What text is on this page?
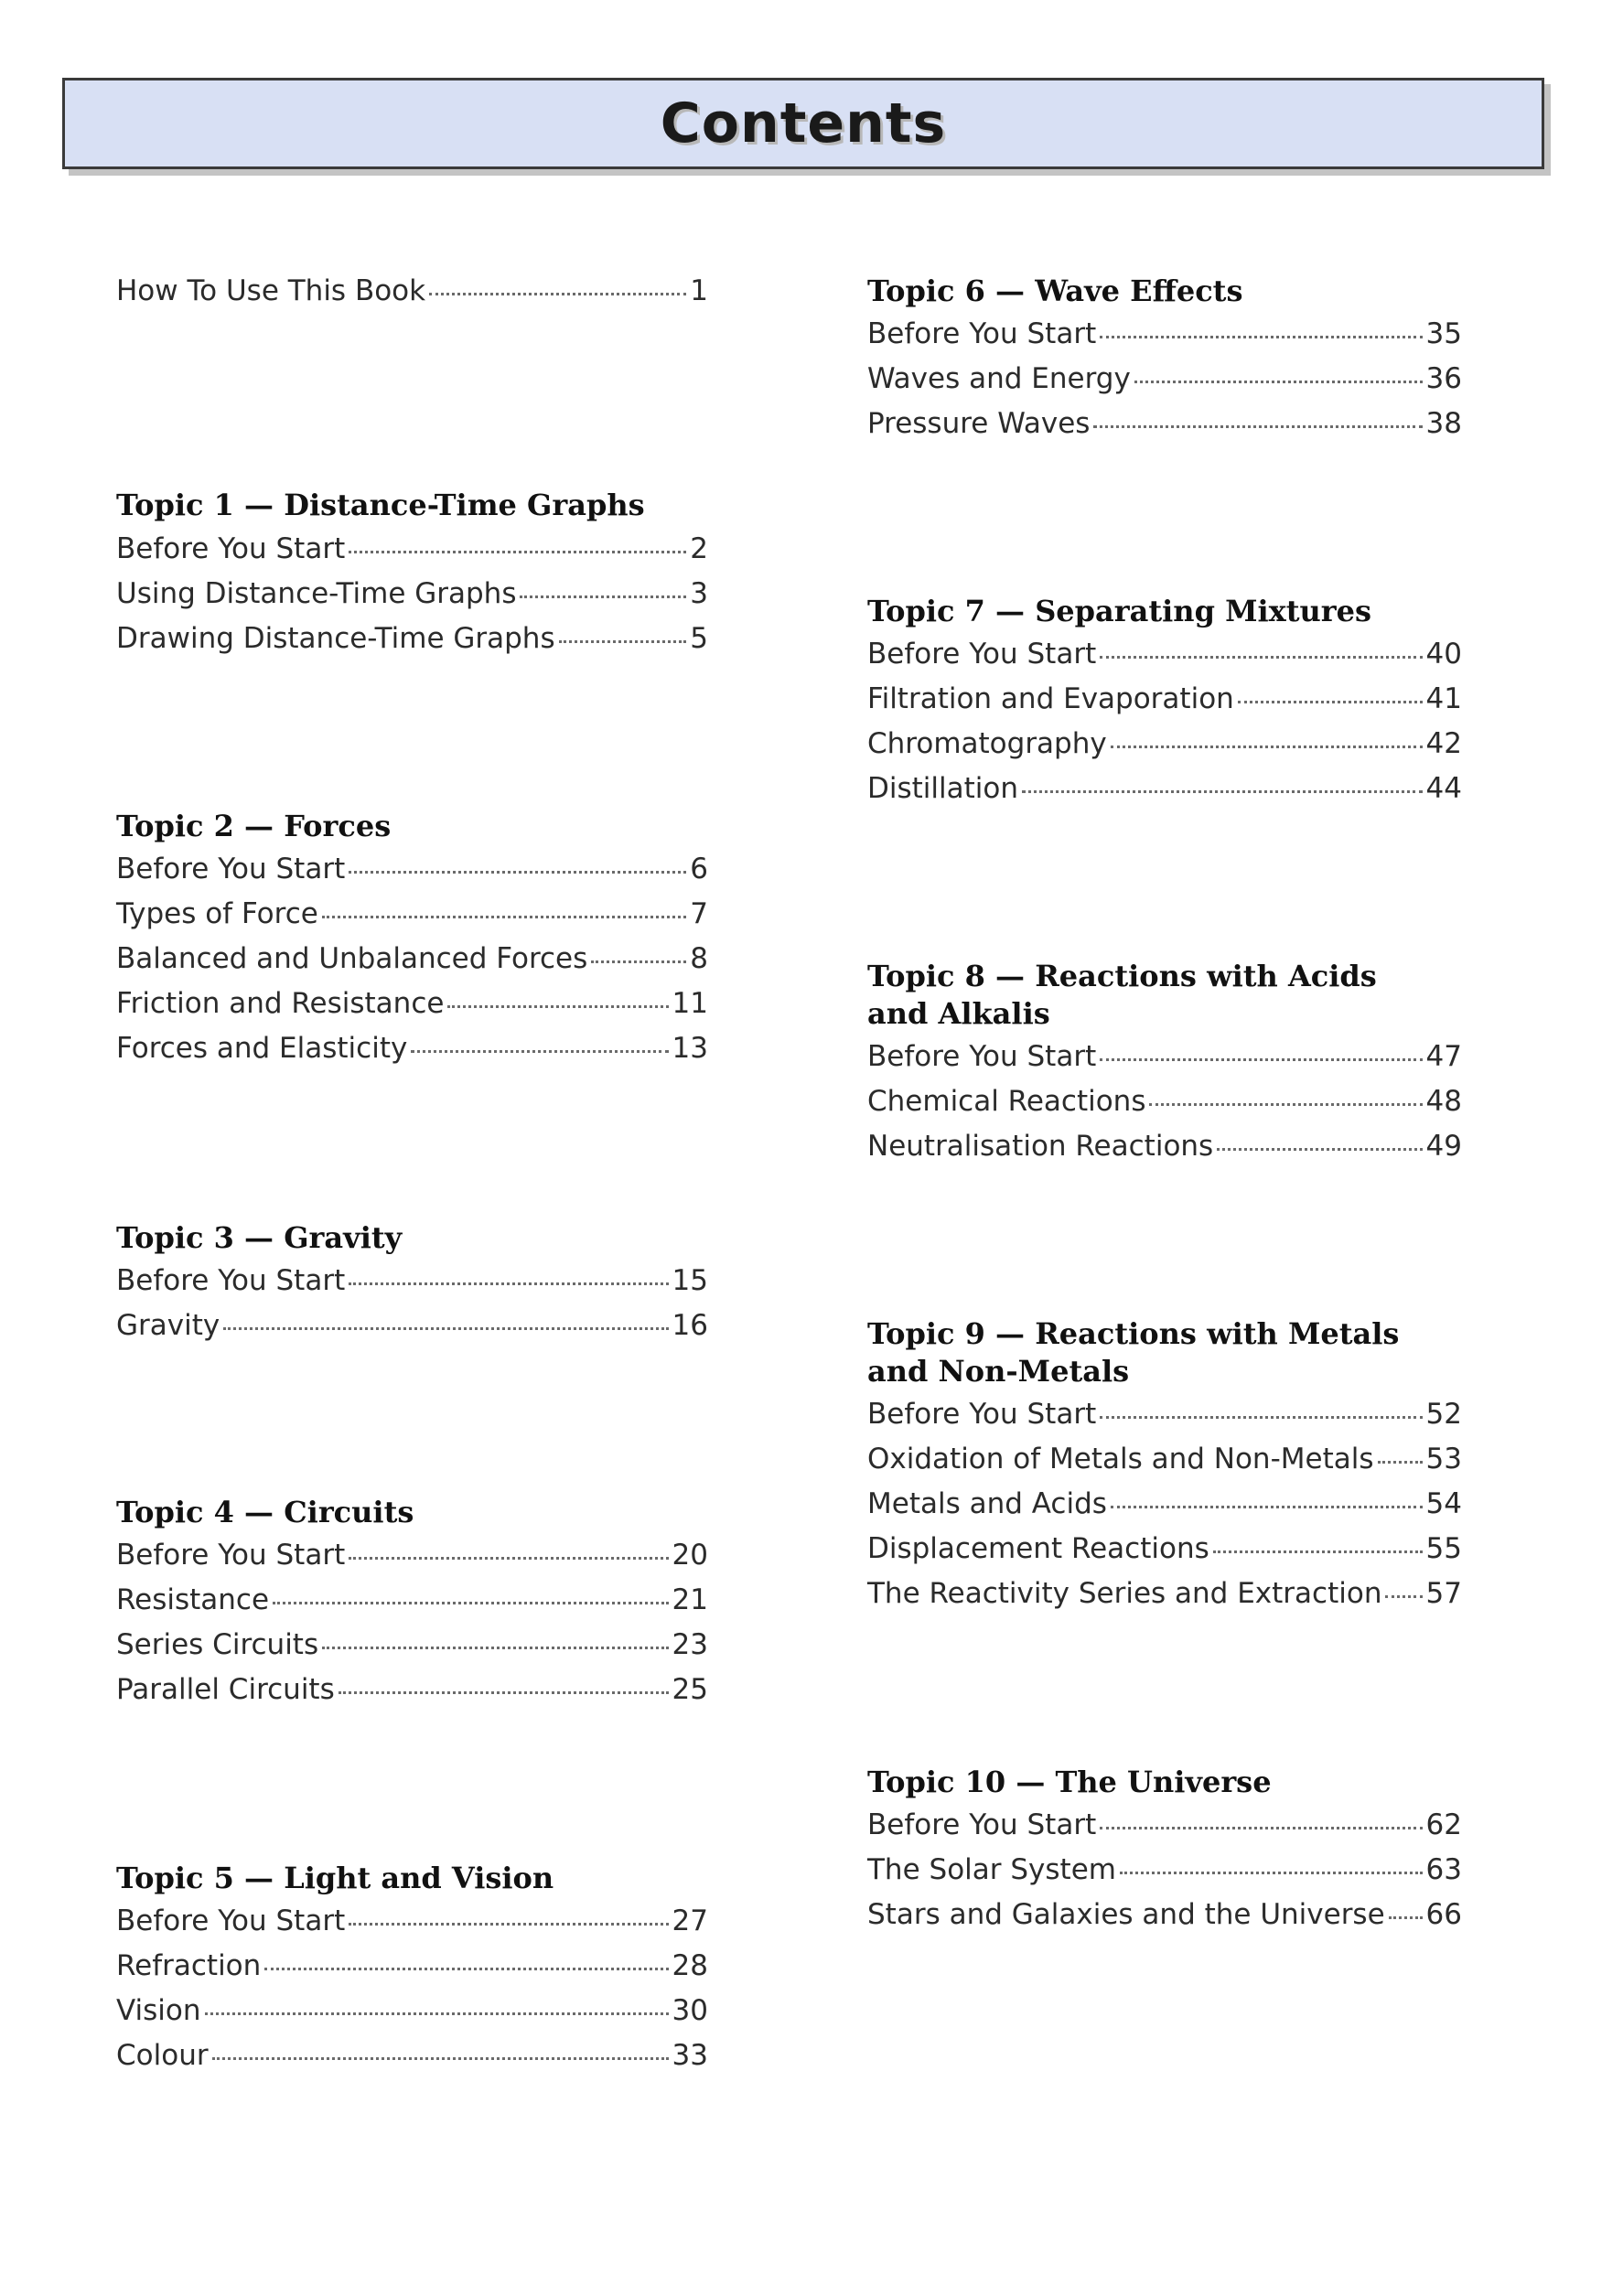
Contents
How To Use This Book	1
Topic 1 — Distance-Time Graphs
Before You Start	2
Using Distance-Time Graphs	3
Drawing Distance-Time Graphs	5
Topic 2 — Forces
Before You Start	6
Types of Force	7
Balanced and Unbalanced Forces	8
Friction and Resistance	11
Forces and Elasticity	13
Topic 3 — Gravity
Before You Start	15
Gravity	16
Topic 4 — Circuits
Before You Start	20
Resistance	21
Series Circuits	23
Parallel Circuits	25
Topic 5 — Light and Vision
Before You Start	27
Refraction	28
Vision	30
Colour	33
Topic 6 — Wave Effects
Before You Start	35
Waves and Energy	36
Pressure Waves	38
Topic 7 — Separating Mixtures
Before You Start	40
Filtration and Evaporation	41
Chromatography	42
Distillation	44
Topic 8 — Reactions with Acids
and Alkalis
Before You Start	47
Chemical Reactions	48
Neutralisation Reactions	49
Topic 9 — Reactions with Metals
and Non-Metals
Before You Start	52
Oxidation of Metals and Non-Metals 53
Metals and Acids	54
Displacement Reactions	55
The Reactivity Series and Extraction 57
Topic 10 — The Universe
Before You Start	62
The Solar System	63
Stars and Galaxies and the Universe 66
